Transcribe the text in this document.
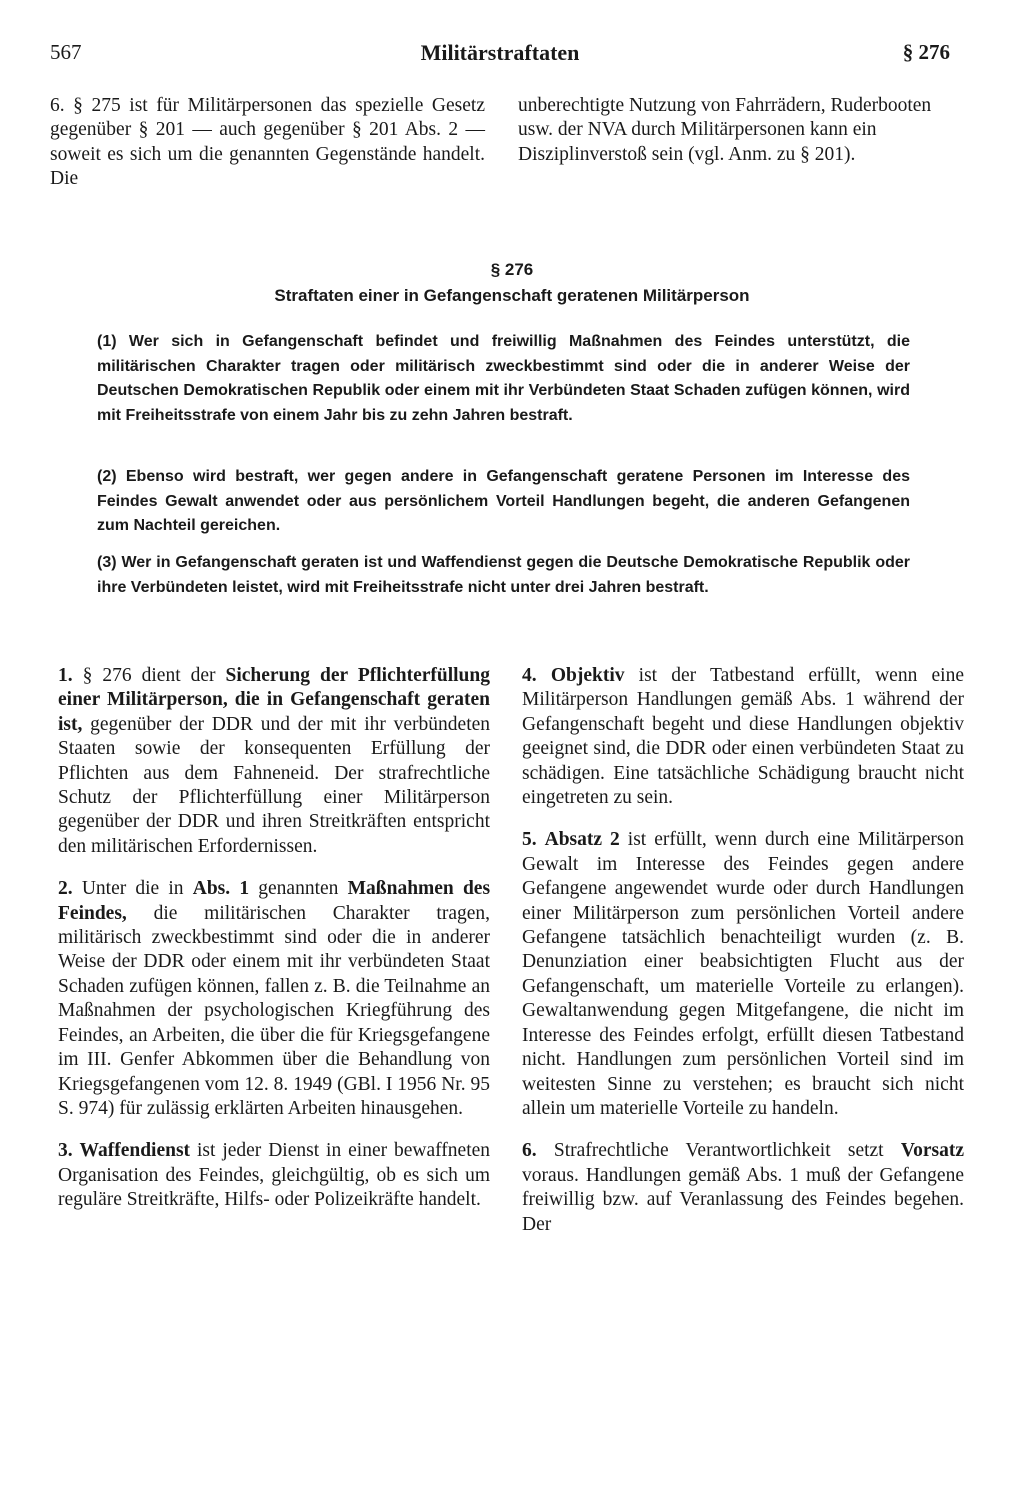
567	Militärstraftaten	§ 276

6. § 275 ist für Militärpersonen das spezielle Gesetz gegenüber § 201 — auch gegenüber § 201 Abs. 2 — soweit es sich um die genannten Gegenstände handelt. Die

unberechtigte Nutzung von Fahrrädern, Ruderbooten usw. der NVA durch Militärpersonen kann ein Disziplinverstoß sein (vgl. Anm. zu § 201).

§ 276
Straftaten einer in Gefangenschaft geratenen Militärperson
(1) Wer sich in Gefangenschaft befindet und freiwillig Maßnahmen des Feindes unterstützt, die militärischen Charakter tragen oder militärisch zweckbestimmt sind oder die in anderer Weise der Deutschen Demokratischen Republik oder einem mit ihr Verbündeten Staat Schaden zufügen können, wird mit Freiheitsstrafe von einem Jahr bis zu zehn Jahren bestraft.
(2) Ebenso wird bestraft, wer gegen andere in Gefangenschaft geratene Personen im Interesse des Feindes Gewalt anwendet oder aus persönlichem Vorteil Handlungen begeht, die anderen Gefangenen zum Nachteil gereichen.
(3) Wer in Gefangenschaft geraten ist und Waffendienst gegen die Deutsche Demokratische Republik oder ihre Verbündeten leistet, wird mit Freiheitsstrafe nicht unter drei Jahren bestraft.

1. § 276 dient der Sicherung der Pflichterfüllung einer Militärperson, die in Gefangenschaft geraten ist, gegenüber der DDR und der mit ihr verbündeten Staaten sowie der konsequenten Erfüllung der Pflichten aus dem Fahneneid. Der strafrechtliche Schutz der Pflichterfüllung einer Militärperson gegenüber der DDR und ihren Streitkräften entspricht den militärischen Erfordernissen.

2. Unter die in Abs. 1 genannten Maßnahmen des Feindes, die militärischen Charakter tragen, militärisch zweckbestimmt sind oder die in anderer Weise der DDR oder einem mit ihr verbündeten Staat Schaden zufügen können, fallen z. B. die Teilnahme an Maßnahmen der psychologischen Kriegführung des Feindes, an Arbeiten, die über die für Kriegsgefangene im III. Genfer Abkommen über die Behandlung von Kriegsgefangenen vom 12. 8. 1949 (GBl. I 1956 Nr. 95 S. 974) für zulässig erklärten Arbeiten hinausgehen.

3. Waffendienst ist jeder Dienst in einer bewaffneten Organisation des Feindes, gleichgültig, ob es sich um reguläre Streitkräfte, Hilfs- oder Polizeikräfte handelt.

4. Objektiv ist der Tatbestand erfüllt, wenn eine Militärperson Handlungen gemäß Abs. 1 während der Gefangenschaft begeht und diese Handlungen objektiv geeignet sind, die DDR oder einen verbündeten Staat zu schädigen. Eine tatsächliche Schädigung braucht nicht eingetreten zu sein.

5. Absatz 2 ist erfüllt, wenn durch eine Militärperson Gewalt im Interesse des Feindes gegen andere Gefangene angewendet wurde oder durch Handlungen einer Militärperson zum persönlichen Vorteil andere Gefangene tatsächlich benachteiligt wurden (z. B. Denunziation einer beabsichtigten Flucht aus der Gefangenschaft, um materielle Vorteile zu erlangen). Gewaltanwendung gegen Mitgefangene, die nicht im Interesse des Feindes erfolgt, erfüllt diesen Tatbestand nicht. Handlungen zum persönlichen Vorteil sind im weitesten Sinne zu verstehen; es braucht sich nicht allein um materielle Vorteile zu handeln.

6. Strafrechtliche Verantwortlichkeit setzt Vorsatz voraus. Handlungen gemäß Abs. 1 muß der Gefangene freiwillig bzw. auf Veranlassung des Feindes begehen. Der
